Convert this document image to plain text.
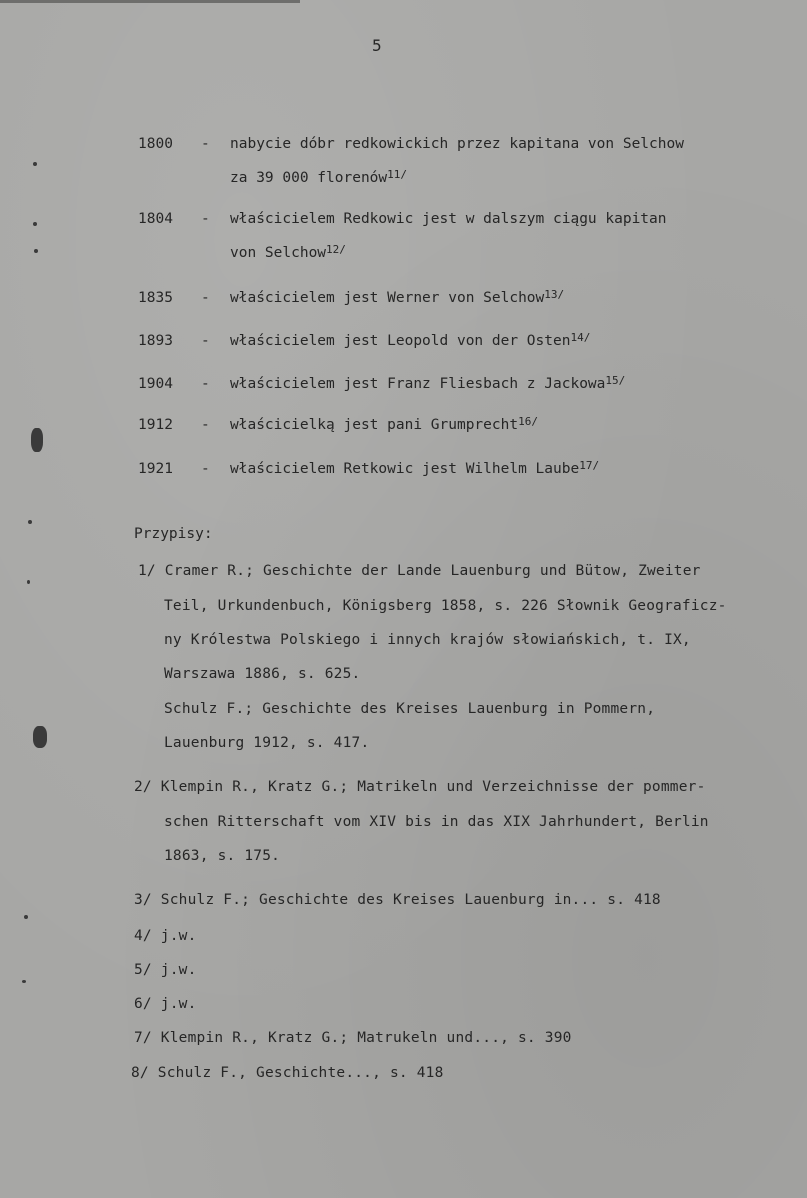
5
1800 - nabycie dóbr redkowickich przez kapitana von Selchow
za 39 000 florenów$^{11/}$
1804 - właścicielem Redkowic jest w dalszym ciągu kapitan
von Selchow$^{12/}$
1835 - właścicielem jest Werner von Selchow$^{13/}$
1893 - właścicielem jest Leopold von der Osten$^{14/}$
1904 - właścicielem jest Franz Fliesbach z Jackowa$^{15/}$
1912 - właścicielką jest pani Grumprecht$^{16/}$
1921 - właścicielem Retkowic jest Wilhelm Laube$^{17/}$
Przypisy:
1/ Cramer R.; Geschichte der Lande Lauenburg und Bütow, Zweiter
Teil, Urkundenbuch, Königsberg 1858, s. 226 Słownik Geograficz-
ny Królestwa Polskiego i innych krajów słowiańskich, t. IX,
Warszawa 1886, s. 625.
Schulz F.; Geschichte des Kreises Lauenburg in Pommern,
Lauenburg 1912, s. 417.
2/ Klempin R., Kratz G.; Matrikeln und Verzeichnisse der pommer-
schen Ritterschaft vom XIV bis in das XIX Jahrhundert, Berlin
1863, s. 175.
3/ Schulz F.; Geschichte des Kreises Lauenburg in... s. 418
4/ j.w.
5/ j.w.
6/ j.w.
7/ Klempin R., Kratz G.; Matrukeln und..., s. 390
8/ Schulz F., Geschichte..., s. 418
